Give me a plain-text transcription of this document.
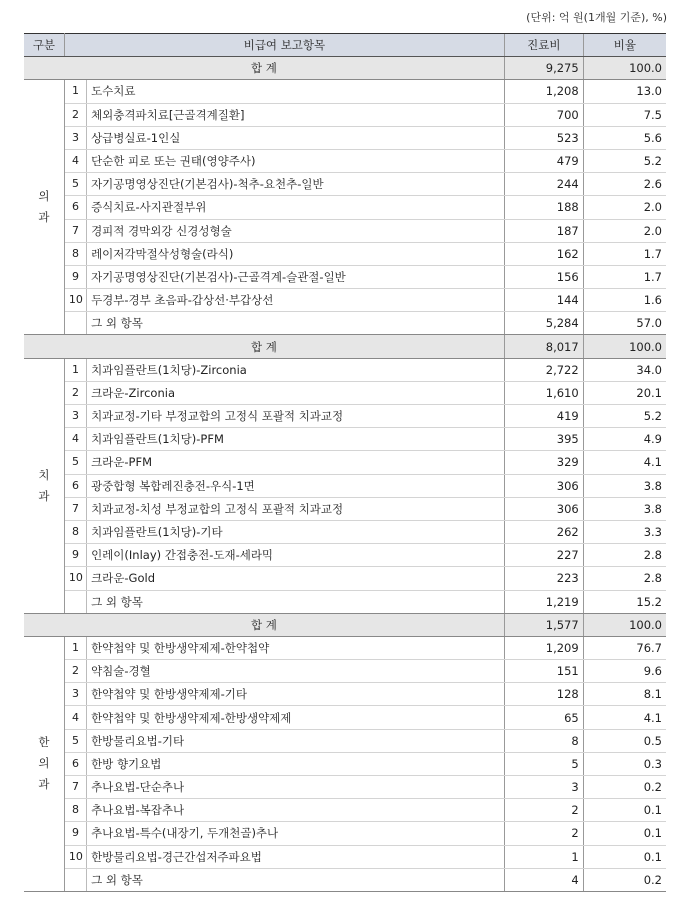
(단위: 억 원(1개월 기준), %)
구분	비급여 보고항목		진료비	비율
합 계			9,275	100.0

의
과	1	도수치료	1,208	13.0
	2	체외충격파치료[근골격계질환]	700	7.5
	3	상급병실료-1인실	523	5.6
	4	단순한 피로 또는 권태(영양주사)	479	5.2
	5	자기공명영상진단(기본검사)-척추-요천추-일반	244	2.6
	6	증식치료-사지관절부위	188	2.0
	7	경피적 경막외강 신경성형술	187	2.0
	8	레이저각막절삭성형술(라식)	162	1.7
	9	자기공명영상진단(기본검사)-근골격계-슬관절-일반	156	1.7
	10	두경부-경부 초음파-갑상선·부갑상선	144	1.6
		그 외 항목	5,284	57.0
합 계			8,017	100.0

치
과	1	치과임플란트(1치당)-Zirconia	2,722	34.0
	2	크라운-Zirconia	1,610	20.1
	3	치과교정-기타 부정교합의 고정식 포괄적 치과교정	419	5.2
	4	치과임플란트(1치당)-PFM	395	4.9
	5	크라운-PFM	329	4.1
	6	광중합형 복합레진충전-우식-1면	306	3.8
	7	치과교정-치성 부정교합의 고정식 포괄적 치과교정	306	3.8
	8	치과임플란트(1치당)-기타	262	3.3
	9	인레이(Inlay) 간접충전-도재-세라믹	227	2.8
	10	크라운-Gold	223	2.8
		그 외 항목	1,219	15.2
합 계			1,577	100.0

한
의
과	1	한약첩약 및 한방생약제제-한약첩약	1,209	76.7
	2	약침술-경혈	151	9.6
	3	한약첩약 및 한방생약제제-기타	128	8.1
	4	한약첩약 및 한방생약제제-한방생약제제	65	4.1
	5	한방물리요법-기타	8	0.5
	6	한방 향기요법	5	0.3
	7	추나요법-단순추나	3	0.2
	8	추나요법-복잡추나	2	0.1
	9	추나요법-특수(내장기, 두개천골)추나	2	0.1
	10	한방물리요법-경근간섭저주파요법	1	0.1
		그 외 항목	4	0.2
